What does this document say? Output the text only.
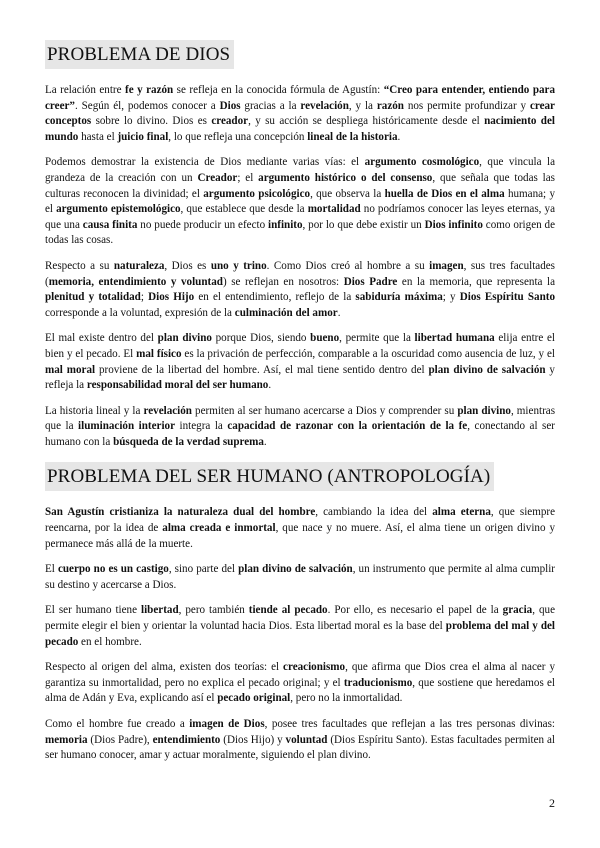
PROBLEMA DE DIOS

La relación entre fe y razón se refleja en la conocida fórmula de Agustín: “Creo para entender, entiendo para creer”. Según él, podemos conocer a Dios gracias a la revelación, y la razón nos permite profundizar y crear conceptos sobre lo divino. Dios es creador, y su acción se despliega históricamente desde el nacimiento del mundo hasta el juicio final, lo que refleja una concepción lineal de la historia.

Podemos demostrar la existencia de Dios mediante varias vías: el argumento cosmológico, que vincula la grandeza de la creación con un Creador; el argumento histórico o del consenso, que señala que todas las culturas reconocen la divinidad; el argumento psicológico, que observa la huella de Dios en el alma humana; y el argumento epistemológico, que establece que desde la mortalidad no podríamos conocer las leyes eternas, ya que una causa finita no puede producir un efecto infinito, por lo que debe existir un Dios infinito como origen de todas las cosas.

Respecto a su naturaleza, Dios es uno y trino. Como Dios creó al hombre a su imagen, sus tres facultades (memoria, entendimiento y voluntad) se reflejan en nosotros: Dios Padre en la memoria, que representa la plenitud y totalidad; Dios Hijo en el entendimiento, reflejo de la sabiduría máxima; y Dios Espíritu Santo corresponde a la voluntad, expresión de la culminación del amor.

El mal existe dentro del plan divino porque Dios, siendo bueno, permite que la libertad humana elija entre el bien y el pecado. El mal físico es la privación de perfección, comparable a la oscuridad como ausencia de luz, y el mal moral proviene de la libertad del hombre. Así, el mal tiene sentido dentro del plan divino de salvación y refleja la responsabilidad moral del ser humano.

La historia lineal y la revelación permiten al ser humano acercarse a Dios y comprender su plan divino, mientras que la iluminación interior integra la capacidad de razonar con la orientación de la fe, conectando al ser humano con la búsqueda de la verdad suprema.

PROBLEMA DEL SER HUMANO (ANTROPOLOGÍA)

San Agustín cristianiza la naturaleza dual del hombre, cambiando la idea del alma eterna, que siempre reencarna, por la idea de alma creada e inmortal, que nace y no muere. Así, el alma tiene un origen divino y permanece más allá de la muerte.

El cuerpo no es un castigo, sino parte del plan divino de salvación, un instrumento que permite al alma cumplir su destino y acercarse a Dios.

El ser humano tiene libertad, pero también tiende al pecado. Por ello, es necesario el papel de la gracia, que permite elegir el bien y orientar la voluntad hacia Dios. Esta libertad moral es la base del problema del mal y del pecado en el hombre.

Respecto al origen del alma, existen dos teorías: el creacionismo, que afirma que Dios crea el alma al nacer y garantiza su inmortalidad, pero no explica el pecado original; y el traducionismo, que sostiene que heredamos el alma de Adán y Eva, explicando así el pecado original, pero no la inmortalidad.

Como el hombre fue creado a imagen de Dios, posee tres facultades que reflejan a las tres personas divinas: memoria (Dios Padre), entendimiento (Dios Hijo) y voluntad (Dios Espíritu Santo). Estas facultades permiten al ser humano conocer, amar y actuar moralmente, siguiendo el plan divino.

2
